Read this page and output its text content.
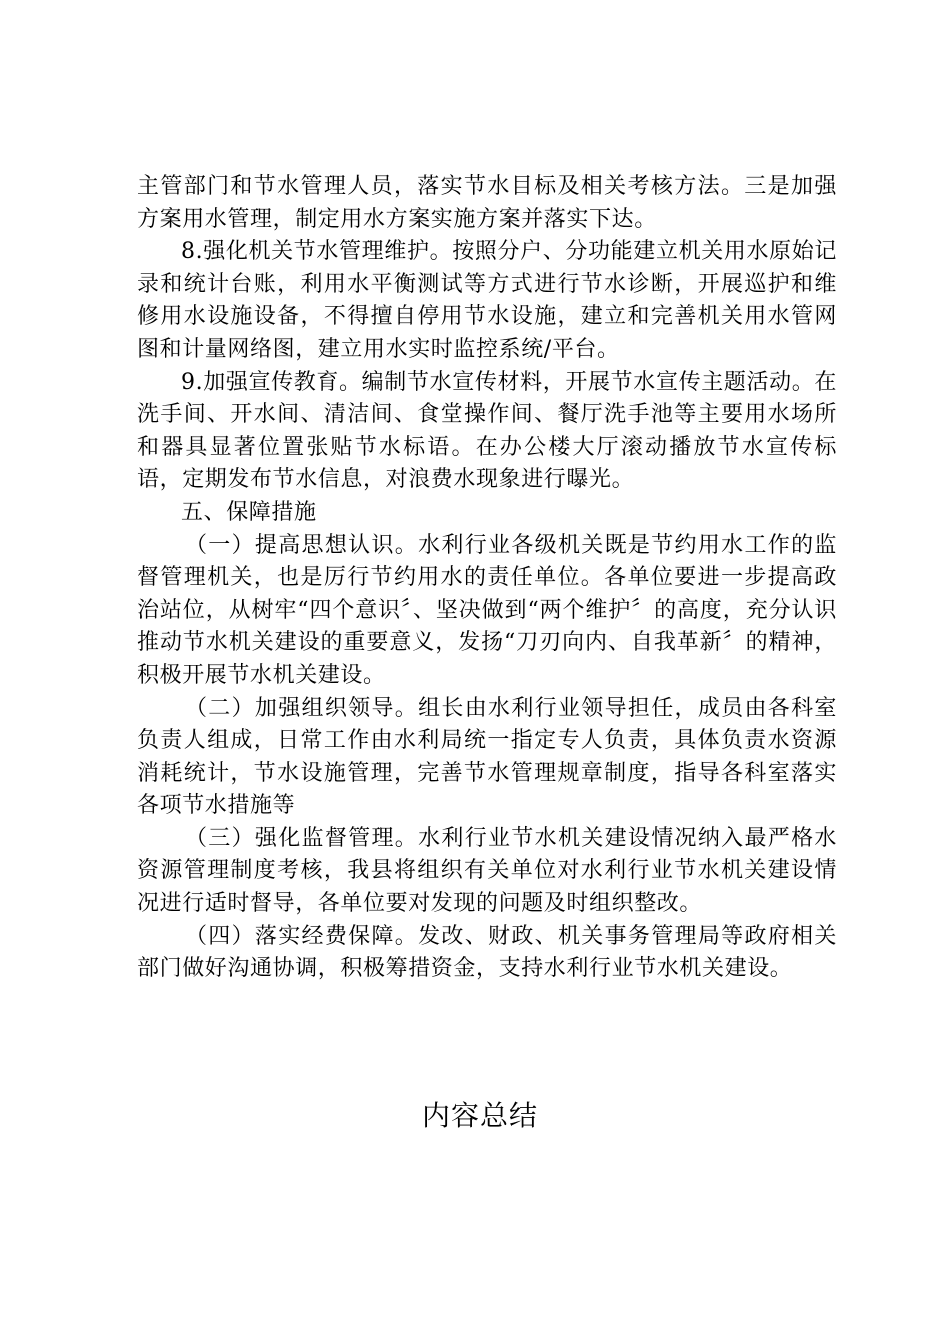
主管部门和节水管理人员，落实节水目标及相关考核方法。三是加强方案用水管理，制定用水方案实施方案并落实下达。

8.强化机关节水管理维护。按照分户、分功能建立机关用水原始记录和统计台账，利用水平衡测试等方式进行节水诊断，开展巡护和维修用水设施设备，不得擅自停用节水设施，建立和完善机关用水管网图和计量网络图，建立用水实时监控系统/平台。

9.加强宣传教育。编制节水宣传材料，开展节水宣传主题活动。在洗手间、开水间、清洁间、食堂操作间、餐厅洗手池等主要用水场所和器具显著位置张贴节水标语。在办公楼大厅滚动播放节水宣传标语，定期发布节水信息，对浪费水现象进行曝光。

五、保障措施

（一）提高思想认识。水利行业各级机关既是节约用水工作的监督管理机关，也是厉行节约用水的责任单位。各单位要进一步提高政治站位，从树牢“四个意识〞、坚决做到“两个维护〞的高度，充分认识推动节水机关建设的重要意义，发扬“刀刃向内、自我革新〞的精神，积极开展节水机关建设。

（二）加强组织领导。组长由水利行业领导担任，成员由各科室负责人组成，日常工作由水利局统一指定专人负责，具体负责水资源消耗统计，节水设施管理，完善节水管理规章制度，指导各科室落实各项节水措施等

（三）强化监督管理。水利行业节水机关建设情况纳入最严格水资源管理制度考核，我县将组织有关单位对水利行业节水机关建设情况进行适时督导，各单位要对发现的问题及时组织整改。

（四）落实经费保障。发改、财政、机关事务管理局等政府相关部门做好沟通协调，积极筹措资金，支持水利行业节水机关建设。

内容总结
